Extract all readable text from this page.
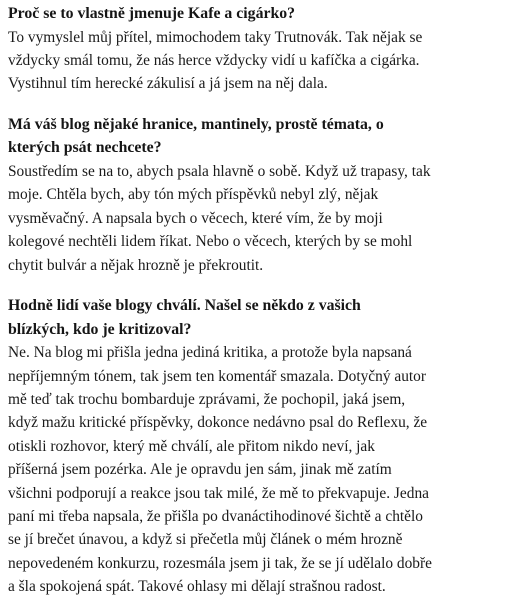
Proč se to vlastně jmenuje Kafe a cigárko?

To vymyslel můj přítel, mimochodem taky Trutnovák. Tak nějak se
vždycky smál tomu, že nás herce vždycky vidí u kafíčka a cigárka.
Vystihnul tím herecké zákulisí a já jsem na něj dala.

Má váš blog nějaké hranice, mantinely, prostě témata, o
kterých psát nechcete?

Soustředím se na to, abych psala hlavně o sobě. Když už trapasy, tak
moje. Chtěla bych, aby tón mých příspěvků nebyl zlý, nějak
vysměvačný. A napsala bych o věcech, které vím, že by moji
kolegové nechtěli lidem říkat. Nebo o věcech, kterých by se mohl
chytit bulvár a nějak hrozně je překroutit.

Hodně lidí vaše blogy chválí. Našel se někdo z vašich
blízkých, kdo je kritizoval?

Ne. Na blog mi přišla jedna jediná kritika, a protože byla napsaná
nepříjemným tónem, tak jsem ten komentář smazala. Dotyčný autor
mě teď tak trochu bombarduje zprávami, že pochopil, jaká jsem,
když mažu kritické příspěvky, dokonce nedávno psal do Reflexu, že
otiskli rozhovor, který mě chválí, ale přitom nikdo neví, jak
příšerná jsem pozérka. Ale je opravdu jen sám, jinak mě zatím
všichni podporují a reakce jsou tak milé, že mě to překvapuje. Jedna
paní mi třeba napsala, že přišla po dvanáctihodinové šichtě a chtělo
se jí brečet únavou, a když si přečetla můj článek o mém hrozně
nepovedeném konkurzu, rozesmála jsem ji tak, že se jí udělalo dobře
a šla spokojená spát. Takové ohlasy mi dělají strašnou radost.
